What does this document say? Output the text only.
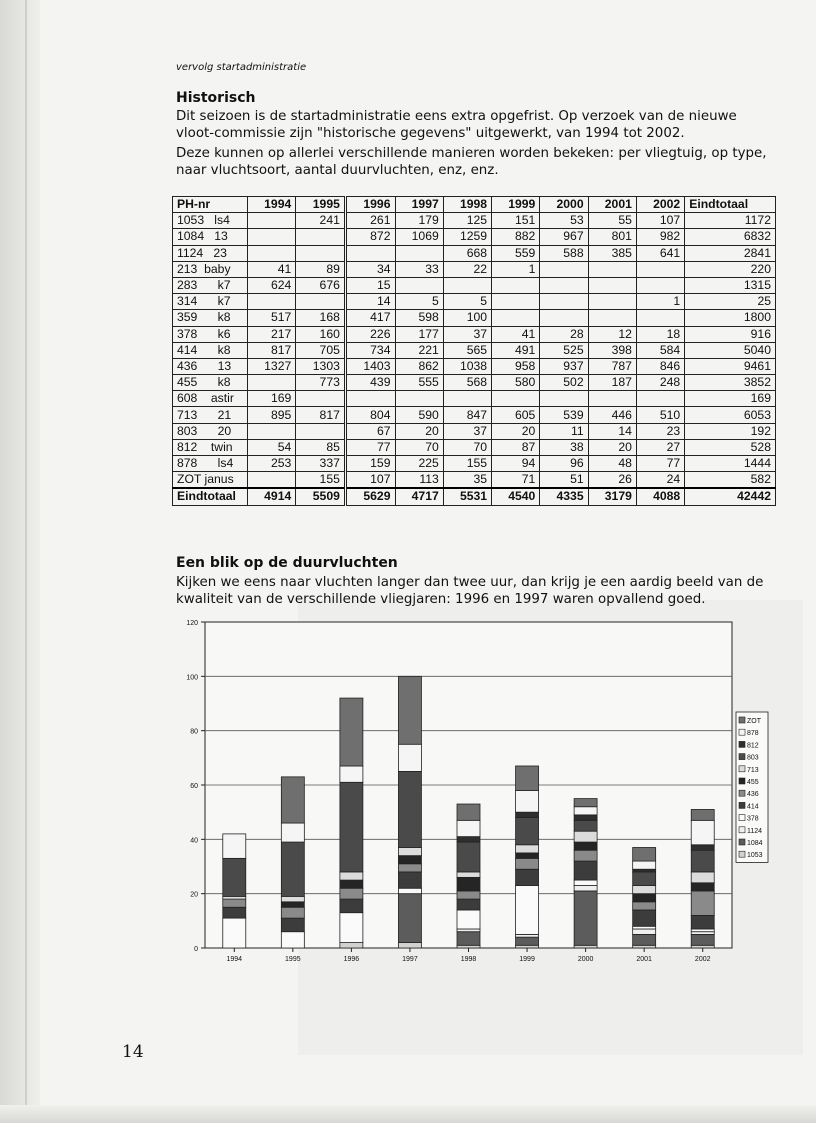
vervolg startadministratie
Historisch

Dit seizoen is de startadministratie eens extra opgefrist. Op verzoek van de nieuwe vloot-commissie zijn "historische gegevens" uitgewerkt, van 1994 tot 2002.

Deze kunnen op allerlei verschillende manieren worden bekeken: per vliegtuig, op type, naar vluchtsoort, aantal duurvluchten, enz, enz.

PH-nr	1994	1995	1996	1997	1998	1999	2000	2001	2002	Eindtotaal
1053   ls4		241	261	179	125	151	53	55	107	1172
1084   13			872	1069	1259	882	967	801	982	6832
1124   23					668	559	588	385	641	2841
213  baby	41	89	34	33	22	1				220
283      k7	624	676	15							1315
314      k7			14	5	5				1	25
359      k8	517	168	417	598	100					1800
378      k6	217	160	226	177	37	41	28	12	18	916
414      k8	817	705	734	221	565	491	525	398	584	5040
436      13	1327	1303	1403	862	1038	958	937	787	846	9461
455      k8		773	439	555	568	580	502	187	248	3852
608    astir	169									169
713      21	895	817	804	590	847	605	539	446	510	6053
803      20			67	20	37	20	11	14	23	192
812    twin	54	85	77	70	70	87	38	20	27	528
878      ls4	253	337	159	225	155	94	96	48	77	1444
ZOT janus		155	107	113	35	71	51	26	24	582
Eindtotaal	4914	5509	5629	4717	5531	4540	4335	3179	4088	42442
Een blik op de duurvluchten

Kijken we eens naar vluchten langer dan twee uur, dan krijg je een aardig beeld van de kwaliteit van de verschillende vliegjaren: 1996 en 1997 waren opvallend goed.

0
20
40
60
80
100
120
1994	1995	1996	1997	1998	1999	2000	2001	2002
ZOT
878
812
803
713
455
436
414
378
1124
1084
1053
14
